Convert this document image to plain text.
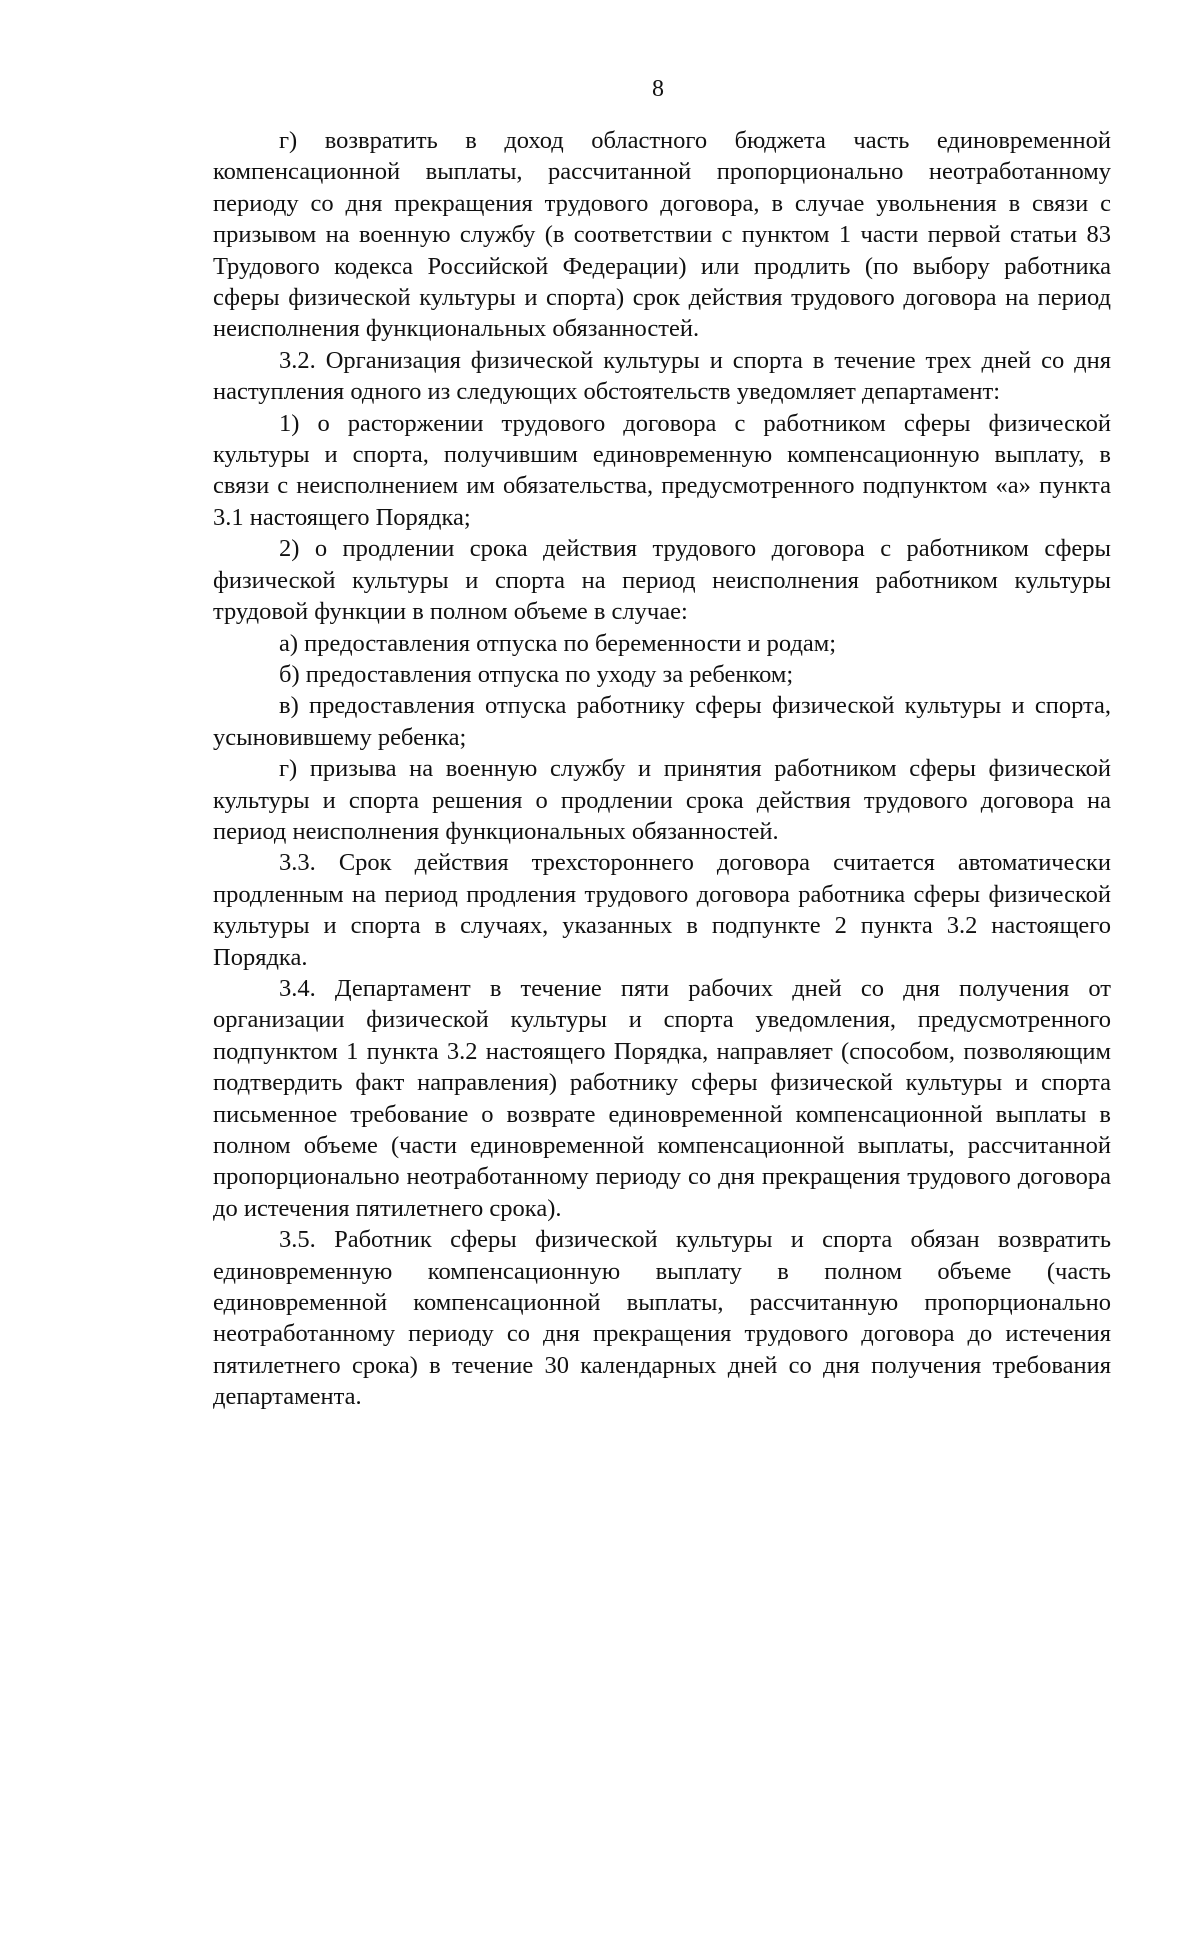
8

г) возвратить в доход областного бюджета часть единовременной компенсационной выплаты, рассчитанной пропорционально неотработанному периоду со дня прекращения трудового договора, в случае увольнения в связи с призывом на военную службу (в соответствии с пунктом 1 части первой статьи 83 Трудового кодекса Российской Федерации) или продлить (по выбору работника сферы физической культуры и спорта) срок действия трудового договора на период неисполнения функциональных обязанностей.

3.2. Организация физической культуры и спорта в течение трех дней со дня наступления одного из следующих обстоятельств уведомляет департамент:

1) о расторжении трудового договора с работником сферы физической культуры и спорта, получившим единовременную компенсационную выплату, в связи с неисполнением им обязательства, предусмотренного подпунктом «а» пункта 3.1 настоящего Порядка;

2) о продлении срока действия трудового договора с работником сферы физической культуры и спорта на период неисполнения работником культуры трудовой функции в полном объеме в случае:

а) предоставления отпуска по беременности и родам;

б) предоставления отпуска по уходу за ребенком;

в) предоставления отпуска работнику сферы физической культуры и спорта, усыновившему ребенка;

г) призыва на военную службу и принятия работником сферы физической культуры и спорта решения о продлении срока действия трудового договора на период неисполнения функциональных обязанностей.

3.3. Срок действия трехстороннего договора считается автоматически продленным на период продления трудового договора работника сферы физической культуры и спорта в случаях, указанных в подпункте 2 пункта 3.2 настоящего Порядка.

3.4. Департамент в течение пяти рабочих дней со дня получения от организации физической культуры и спорта уведомления, предусмотренного подпунктом 1 пункта 3.2 настоящего Порядка, направляет (способом, позволяющим подтвердить факт направления) работнику сферы физической культуры и спорта письменное требование о возврате единовременной компенсационной выплаты в полном объеме (части единовременной компенсационной выплаты, рассчитанной пропорционально неотработанному периоду со дня прекращения трудового договора до истечения пятилетнего срока).

3.5. Работник сферы физической культуры и спорта обязан возвратить единовременную компенсационную выплату в полном объеме (часть единовременной компенсационной выплаты, рассчитанную пропорционально неотработанному периоду со дня прекращения трудового договора до истечения пятилетнего срока) в течение 30 календарных дней со дня получения требования департамента.
